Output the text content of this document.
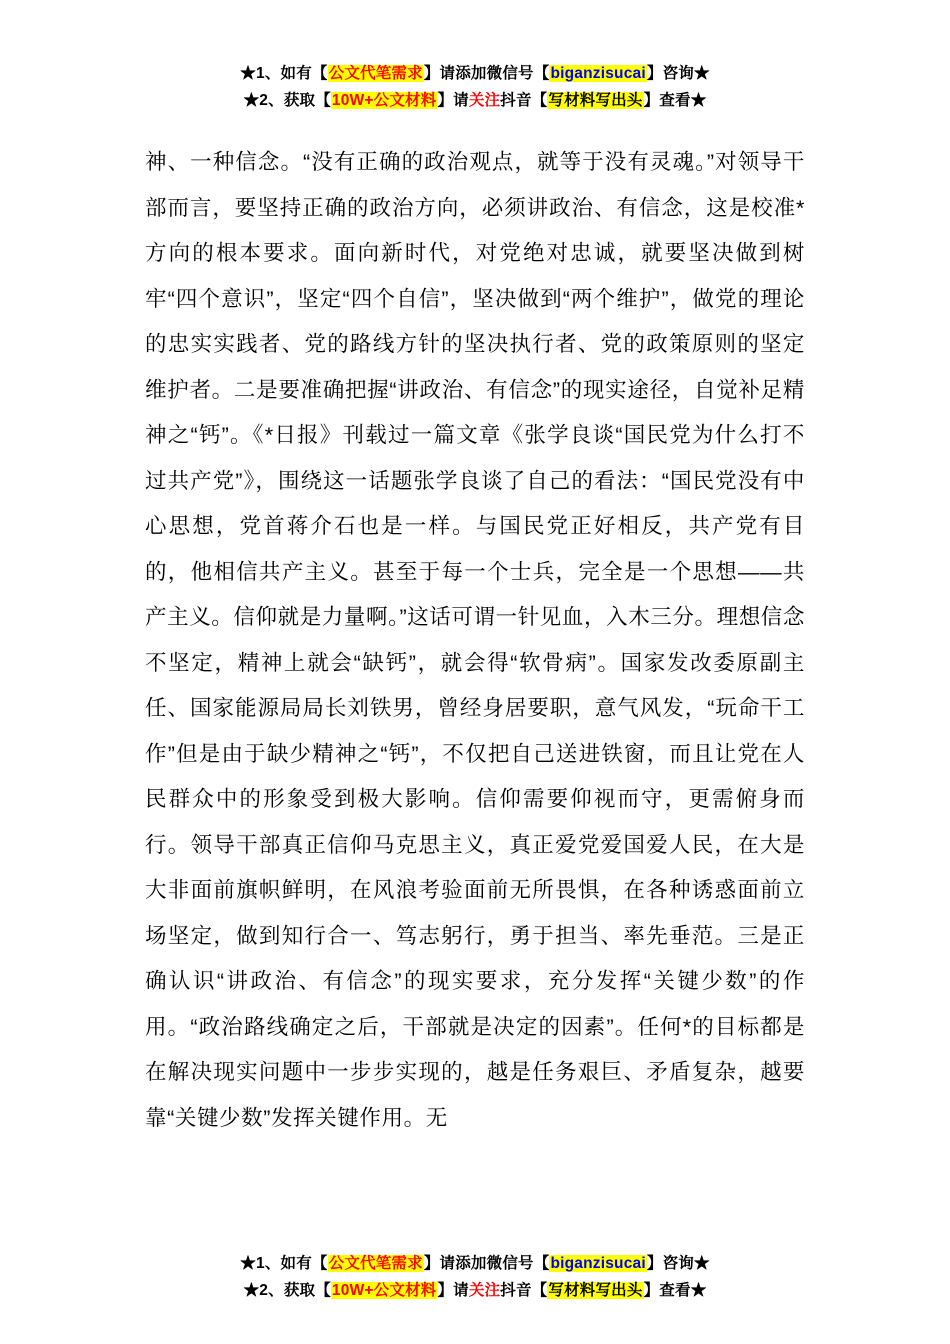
★1、如有【公文代笔需求】请添加微信号【biganzisucai】咨询★
★2、获取【10W+公文材料】请关注抖音【写材料写出头】查看★

神、一种信念。“没有正确的政治观点，就等于没有灵魂。”对领导干部而言，要坚持正确的政治方向，必须讲政治、有信念，这是校准*方向的根本要求。面向新时代，对党绝对忠诚，就要坚决做到树牢“四个意识”，坚定“四个自信”，坚决做到“两个维护”，做党的理论的忠实实践者、党的路线方针的坚决执行者、党的政策原则的坚定维护者。二是要准确把握“讲政治、有信念”的现实途径，自觉补足精神之“钙”。《*日报》刊载过一篇文章《张学良谈“国民党为什么打不过共产党”》，围绕这一话题张学良谈了自己的看法：“国民党没有中心思想，党首蒋介石也是一样。与国民党正好相反，共产党有目的，他相信共产主义。甚至于每一个士兵，完全是一个思想——共产主义。信仰就是力量啊。”这话可谓一针见血，入木三分。理想信念不坚定，精神上就会“缺钙”，就会得“软骨病”。国家发改委原副主任、国家能源局局长刘铁男，曾经身居要职，意气风发，“玩命干工作”但是由于缺少精神之“钙”，不仅把自己送进铁窗，而且让党在人民群众中的形象受到极大影响。信仰需要仰视而守，更需俯身而行。领导干部真正信仰马克思主义，真正爱党爱国爱人民，在大是大非面前旗帜鲜明，在风浪考验面前无所畏惧，在各种诱惑面前立场坚定，做到知行合一、笃志躬行，勇于担当、率先垂范。三是正确认识“讲政治、有信念”的现实要求，充分发挥“关键少数”的作用。“政治路线确定之后，干部就是决定的因素”。任何*的目标都是在解决现实问题中一步步实现的，越是任务艰巨、矛盾复杂，越要靠“关键少数”发挥关键作用。无

★1、如有【公文代笔需求】请添加微信号【biganzisucai】咨询★
★2、获取【10W+公文材料】请关注抖音【写材料写出头】查看★
